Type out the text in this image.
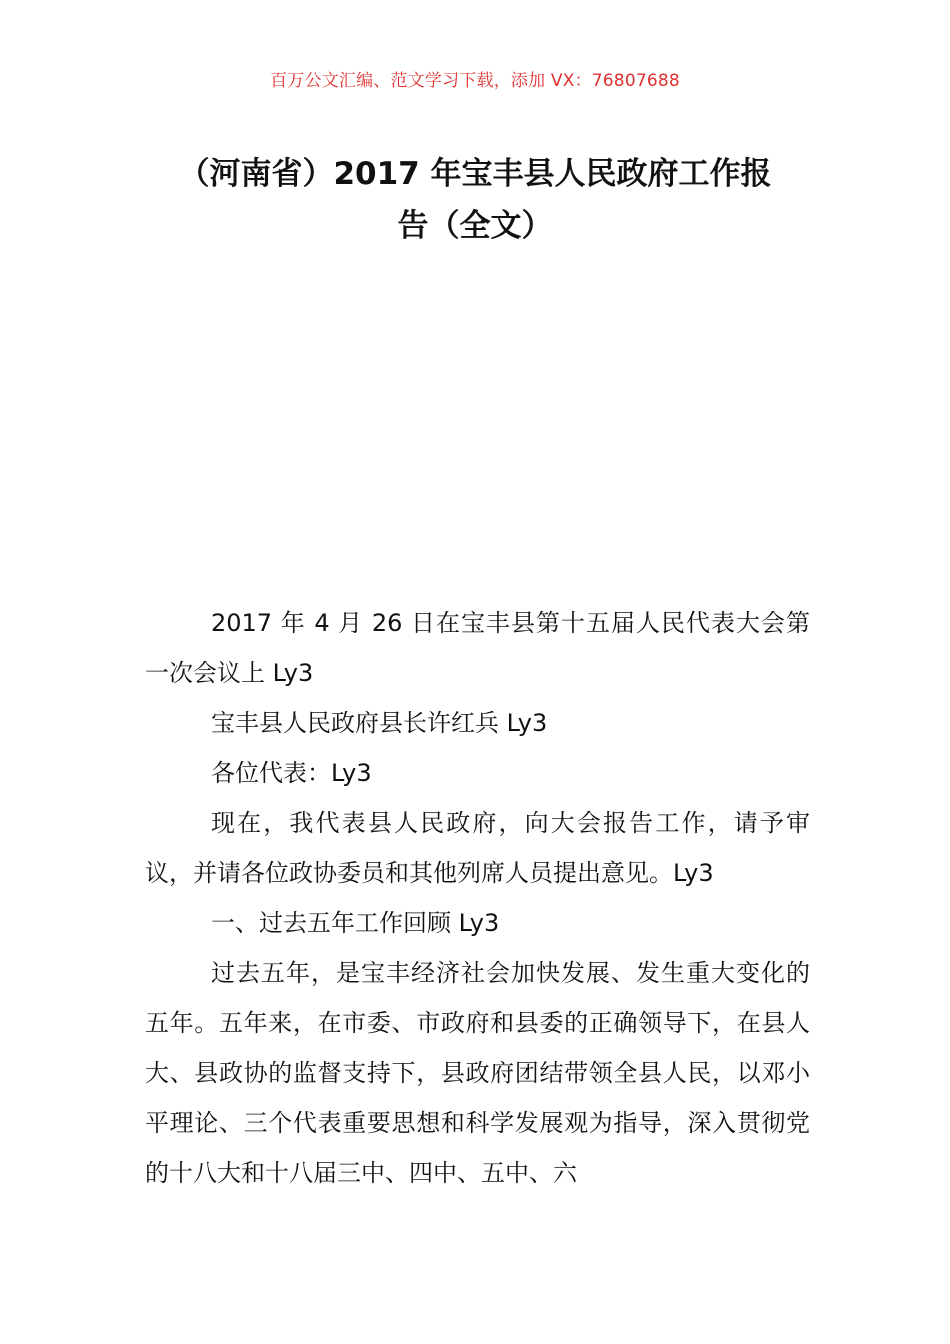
百万公文汇编、范文学习下载，添加 VX：76807688
（河南省）2017 年宝丰县人民政府工作报
告（全文）

2017 年 4 月 26 日在宝丰县第十五届人民代表大会第一次会议上 Ly3

宝丰县人民政府县长许红兵 Ly3

各位代表：Ly3

现在，我代表县人民政府，向大会报告工作，请予审议，并请各位政协委员和其他列席人员提出意见。Ly3

一、过去五年工作回顾 Ly3

过去五年，是宝丰经济社会加快发展、发生重大变化的五年。五年来，在市委、市政府和县委的正确领导下，在县人大、县政协的监督支持下，县政府团结带领全县人民，以邓小平理论、三个代表重要思想和科学发展观为指导，深入贯彻党的十八大和十八届三中、四中、五中、六
